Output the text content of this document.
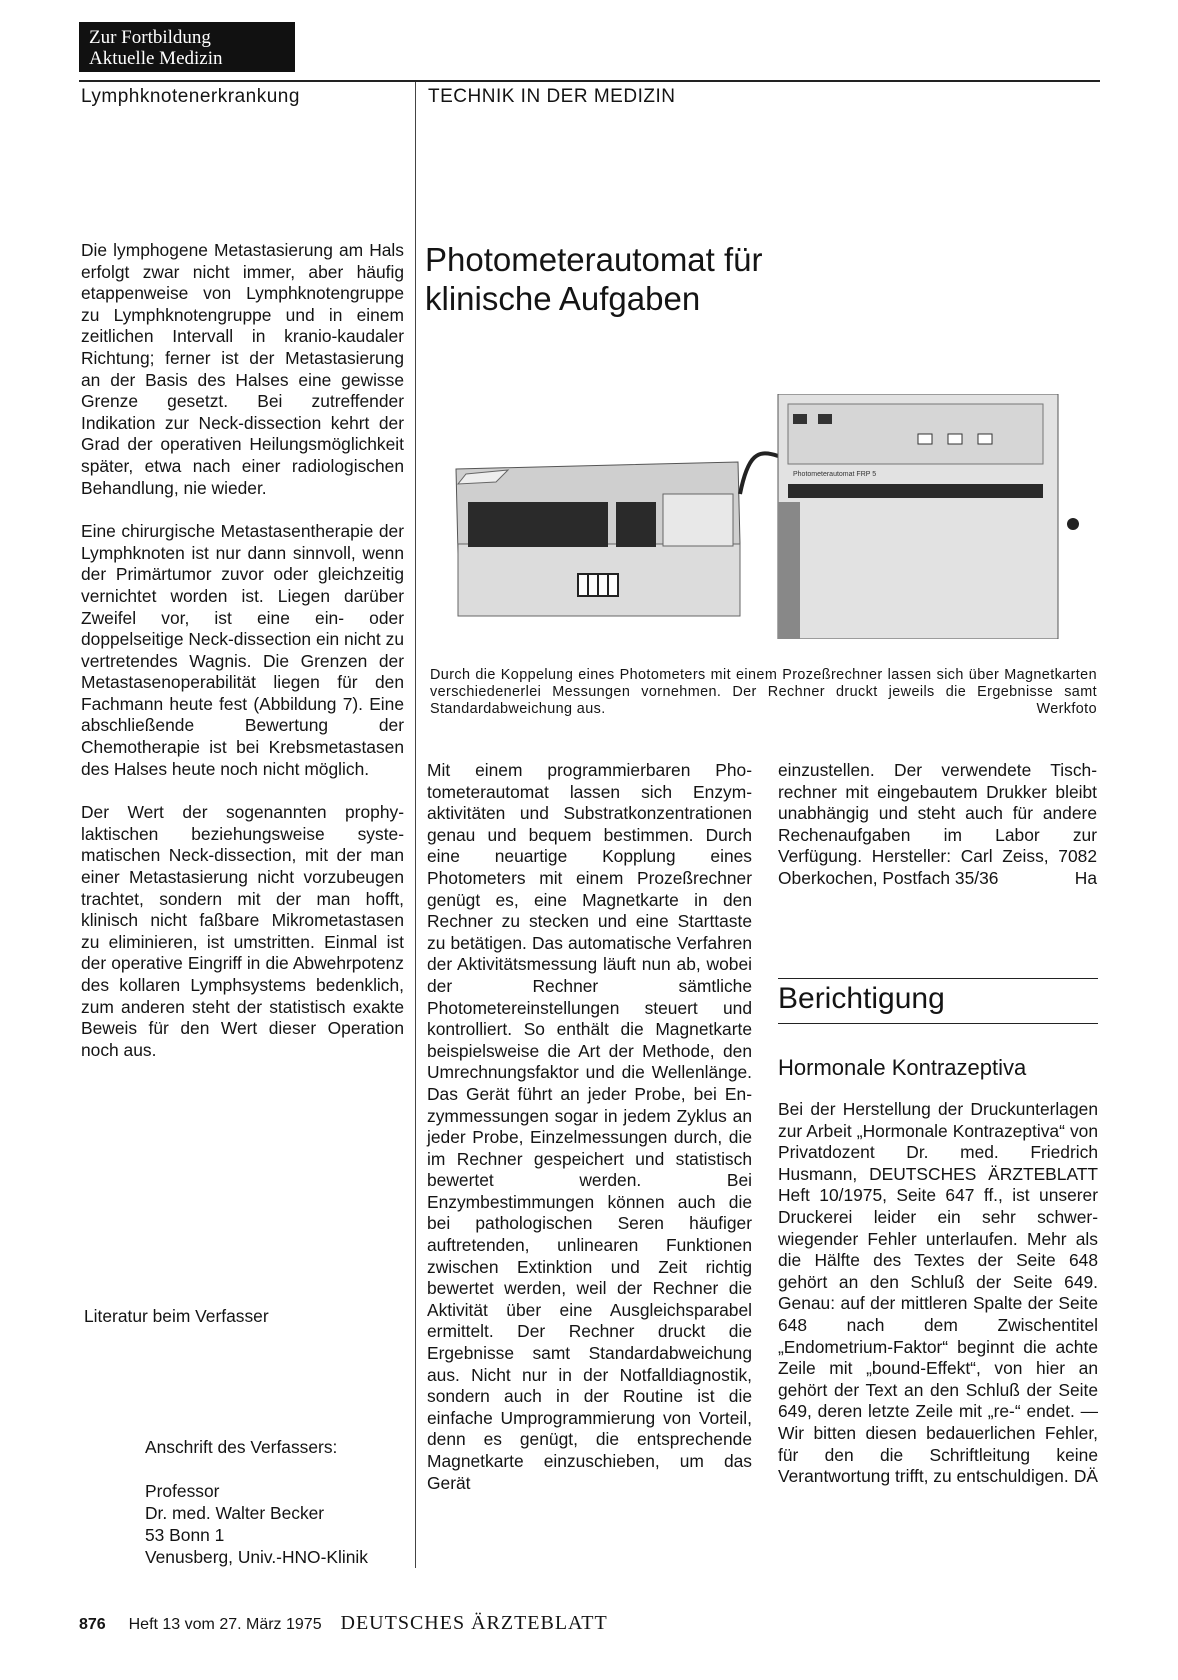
Zur Fortbildung
Aktuelle Medizin
Lymphknotenerkrankung	TECHNIK IN DER MEDIZIN

Die lymphogene Metastasierung am Hals erfolgt zwar nicht immer, aber häufig etappenweise von Lymphknotengruppe zu Lymphknotengruppe und in einem zeitlichen Intervall in kranio-kaudaler Richtung; ferner ist der Metastasierung an der Basis des Halses eine gewisse Grenze gesetzt. Bei zutreffender Indikation zur Neck-dissection kehrt der Grad der operativen Heilungsmöglichkeit später, etwa nach einer radiologischen Behandlung, nie wieder.

Eine chirurgische Metastasentherapie der Lymphknoten ist nur dann sinnvoll, wenn der Primärtumor zuvor oder gleichzeitig vernichtet worden ist. Liegen darüber Zweifel vor, ist eine ein- oder doppelseitige Neck-dissection ein nicht zu vertretendes Wagnis. Die Grenzen der Metastasenoperabilität liegen für den Fachmann heute fest (Abbildung 7). Eine abschließende Bewertung der Chemotherapie ist bei Krebsmetastasen des Halses heute noch nicht möglich.

Der Wert der sogenannten prophylaktischen beziehungsweise systematischen Neck-dissection, mit der man einer Metastasierung nicht vorzubeugen trachtet, sondern mit der man hofft, klinisch nicht faßbare Mikrometastasen zu eliminieren, ist umstritten. Einmal ist der operative Eingriff in die Abwehrpotenz des kollaren Lymphsystems bedenklich, zum anderen steht der statistisch exakte Beweis für den Wert dieser Operation noch aus.

Literatur beim Verfasser
Anschrift des Verfassers:
Professor
Dr. med. Walter Becker
53 Bonn 1
Venusberg, Univ.-HNO-Klinik
Photometerautomat für
klinische Aufgaben
Photometerautomat FRP 5
Durch die Koppelung eines Photometers mit einem Prozeßrechner lassen sich über Magnetkarten verschiedenerlei Messungen vornehmen. Der Rechner druckt jeweils die Ergebnisse samt Standardabweichung aus.	Werkfoto
Mit einem programmierbaren Photometerautomat lassen sich Enzymaktivitäten und Substratkonzentrationen genau und bequem bestimmen. Durch eine neuartige Kopplung eines Photometers mit einem Prozeßrechner genügt es, eine Magnetkarte in den Rechner zu stecken und eine Starttaste zu betätigen. Das automatische Verfahren der Aktivitätsmessung läuft nun ab, wobei der Rechner sämtliche Photometereinstellungen steuert und kontrolliert. So enthält die Magnetkarte beispielsweise die Art der Methode, den Umrechnungsfaktor und die Wellenlänge. Das Gerät führt an jeder Probe, bei Enzymmessungen sogar in jedem Zyklus an jeder Probe, Einzelmessungen durch, die im Rechner gespeichert und statistisch bewertet werden. Bei Enzymbestimmungen können auch die bei pathologischen Seren häufiger auftretenden, unlinearen Funktionen zwischen Extinktion und Zeit richtig bewertet werden, weil der Rechner die Aktivität über eine Ausgleichsparabel ermittelt. Der Rechner druckt die Ergebnisse samt Standardabweichung aus. Nicht nur in der Notfalldiagnostik, sondern auch in der Routine ist die einfache Umprogrammierung von Vorteil, denn es genügt, die entsprechende Magnetkarte einzuschieben, um das Gerät
einzustellen. Der verwendete Tischrechner mit eingebautem Drukker bleibt unabhängig und steht auch für andere Rechenaufgaben im Labor zur Verfügung. Hersteller: Carl Zeiss, 7082 Oberkochen, Postfach 35/36	Ha
Berichtigung
Hormonale Kontrazeptiva
Bei der Herstellung der Druckunterlagen zur Arbeit „Hormonale Kontrazeptiva“ von Privatdozent Dr. med. Friedrich Husmann, DEUTSCHES ÄRZTEBLATT Heft 10/1975, Seite 647 ff., ist unserer Druckerei leider ein sehr schwerwiegender Fehler unterlaufen. Mehr als die Hälfte des Textes der Seite 648 gehört an den Schluß der Seite 649. Genau: auf der mittleren Spalte der Seite 648 nach dem Zwischentitel „Endometrium-Faktor“ beginnt die achte Zeile mit „bound-Effekt“, von hier an gehört der Text an den Schluß der Seite 649, deren letzte Zeile mit „re-“ endet. — Wir bitten diesen bedauerlichen Fehler, für den die Schriftleitung keine Verantwortung trifft, zu entschuldigen. DÄ
876 Heft 13 vom 27. März 1975 DEUTSCHES ÄRZTEBLATT
